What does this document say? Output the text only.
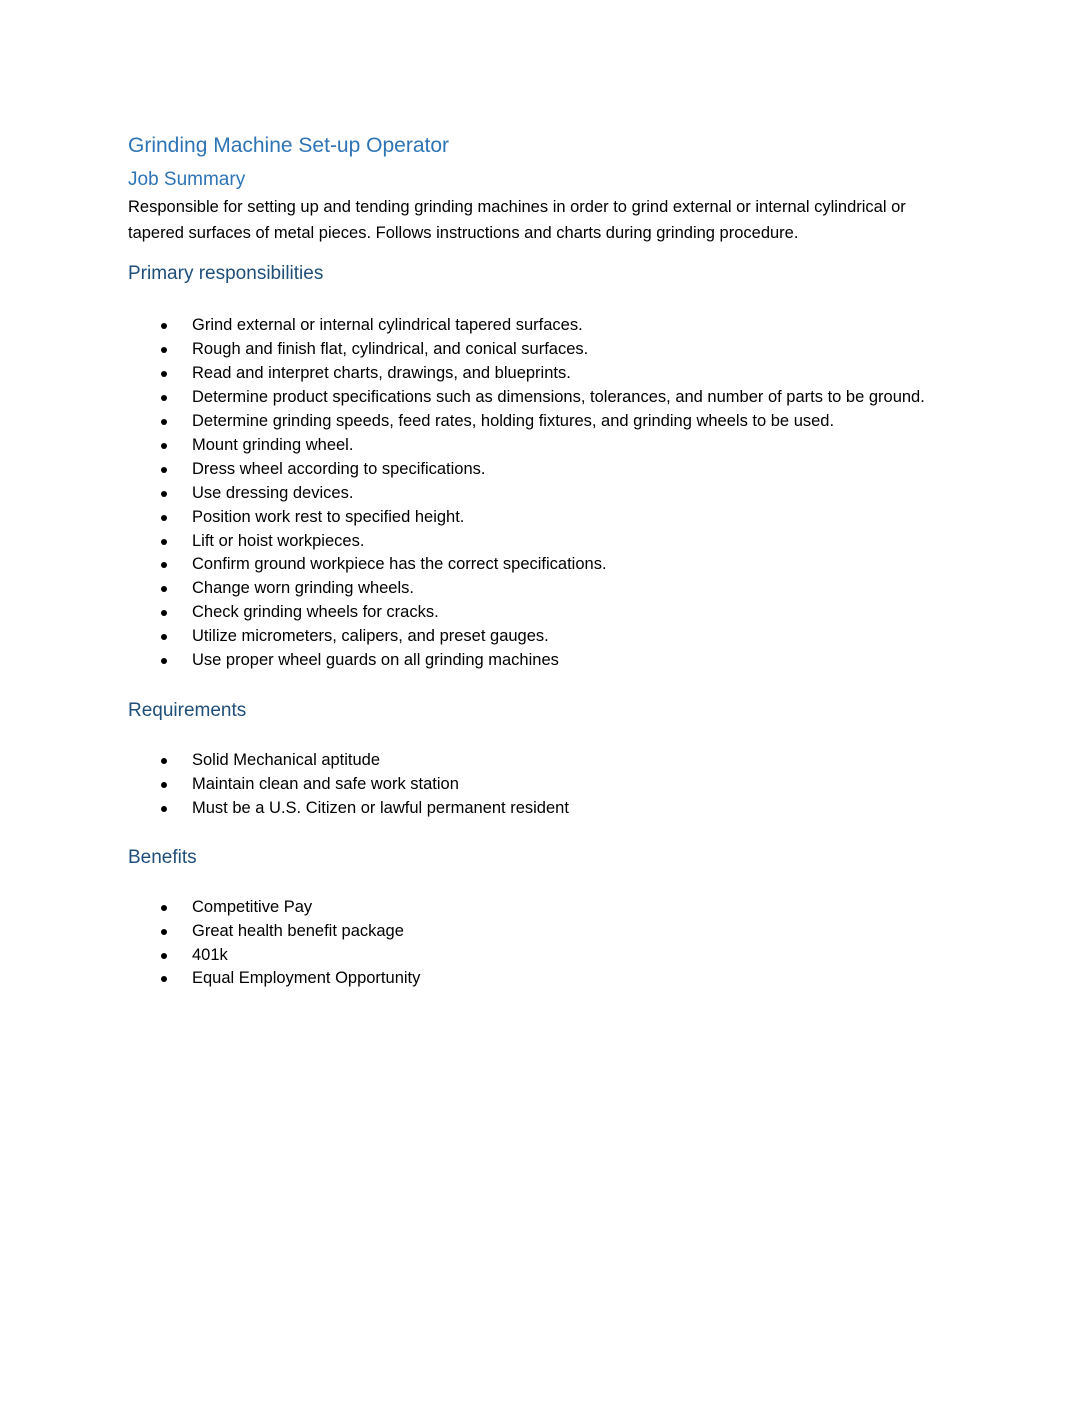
Grinding Machine Set-up Operator
Job Summary

Responsible for setting up and tending grinding machines in order to grind external or internal cylindrical or tapered surfaces of metal pieces. Follows instructions and charts during grinding procedure.

Primary responsibilities
Grind external or internal cylindrical tapered surfaces.
Rough and finish flat, cylindrical, and conical surfaces.
Read and interpret charts, drawings, and blueprints.
Determine product specifications such as dimensions, tolerances, and number of parts to be ground.
Determine grinding speeds, feed rates, holding fixtures, and grinding wheels to be used.
Mount grinding wheel.
Dress wheel according to specifications.
Use dressing devices.
Position work rest to specified height.
Lift or hoist workpieces.
Confirm ground workpiece has the correct specifications.
Change worn grinding wheels.
Check grinding wheels for cracks.
Utilize micrometers, calipers, and preset gauges.
Use proper wheel guards on all grinding machines
Requirements
Solid Mechanical aptitude
Maintain clean and safe work station
Must be a U.S. Citizen or lawful permanent resident
Benefits
Competitive Pay
Great health benefit package
401k
Equal Employment Opportunity
